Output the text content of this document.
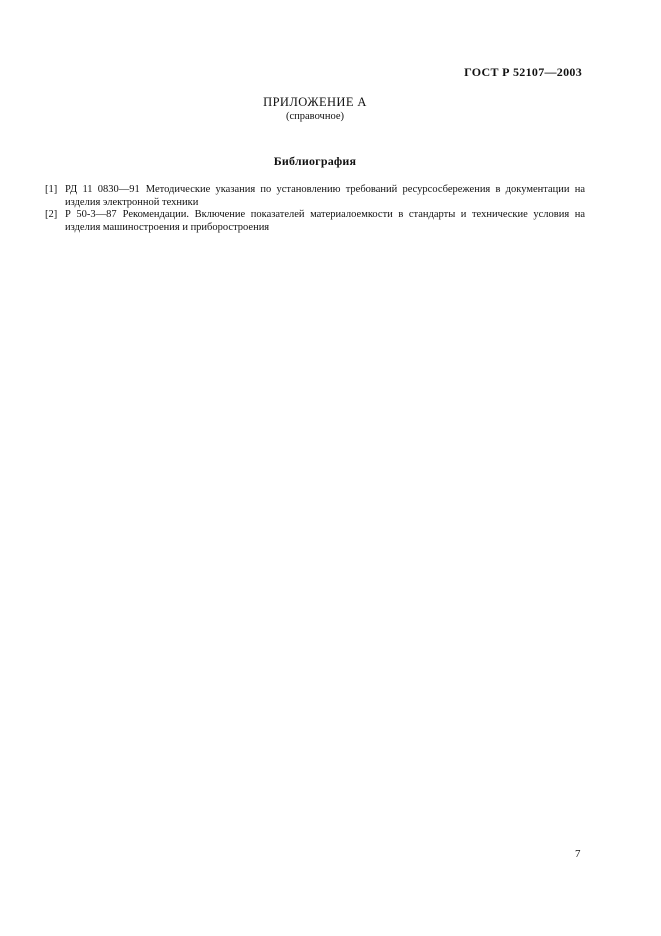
ГОСТ Р 52107—2003
ПРИЛОЖЕНИЕ А
(справочное)
Библиография
[1] РД 11 0830—91 Методические указания по установлению требований ресурсосбережения в документации на изделия электронной техники
[2] Р 50-3—87 Рекомендации. Включение показателей материалоемкости в стандарты и технические условия на изделия машиностроения и приборостроения
7
